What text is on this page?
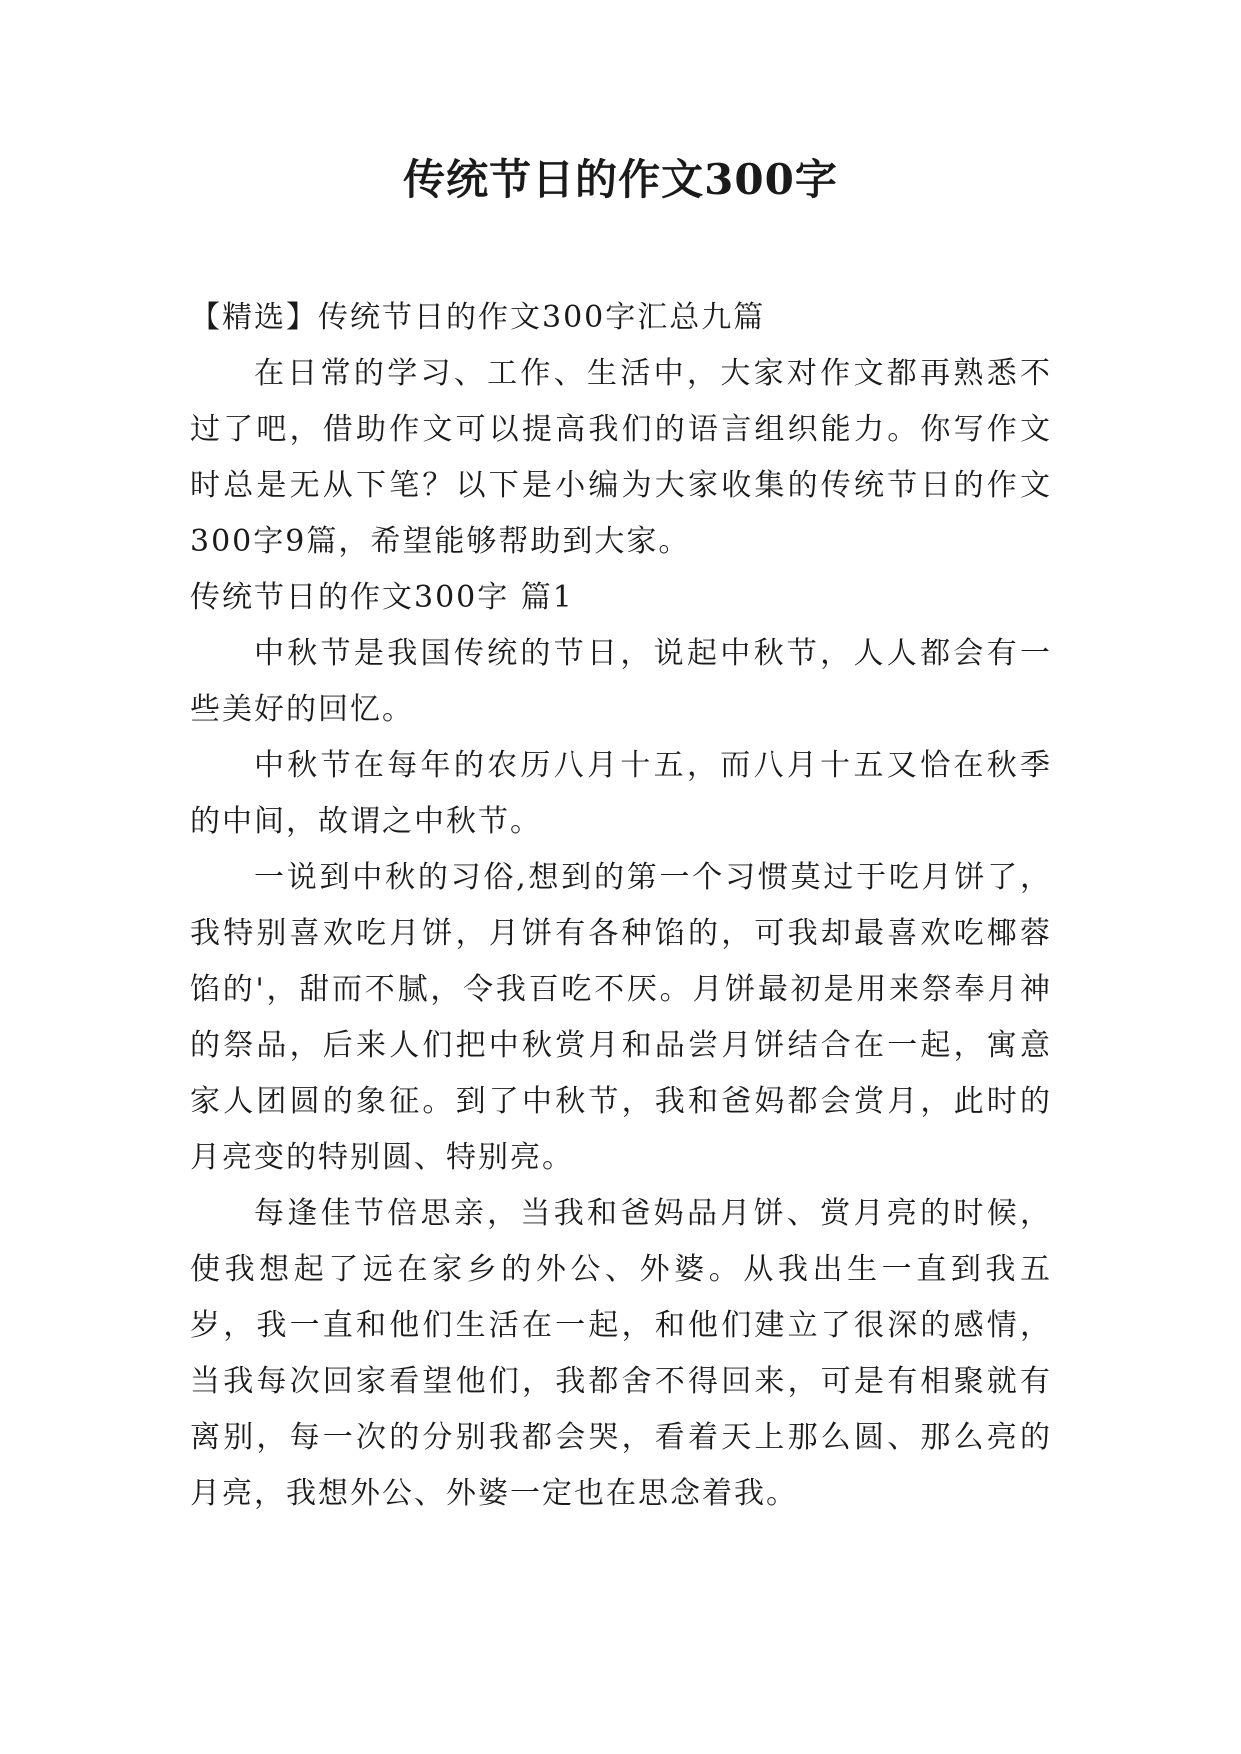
传统节日的作文300字

【精选】传统节日的作文300字汇总九篇

在日常的学习、工作、生活中，大家对作文都再熟悉不过了吧，借助作文可以提高我们的语言组织能力。你写作文时总是无从下笔？以下是小编为大家收集的传统节日的作文300字9篇，希望能够帮助到大家。

传统节日的作文300字 篇1

中秋节是我国传统的节日，说起中秋节，人人都会有一些美好的回忆。

中秋节在每年的农历八月十五，而八月十五又恰在秋季的中间，故谓之中秋节。

一说到中秋的习俗,想到的第一个习惯莫过于吃月饼了，我特别喜欢吃月饼，月饼有各种馅的，可我却最喜欢吃椰蓉馅的'，甜而不腻，令我百吃不厌。月饼最初是用来祭奉月神的祭品，后来人们把中秋赏月和品尝月饼结合在一起，寓意家人团圆的象征。到了中秋节，我和爸妈都会赏月，此时的月亮变的特别圆、特别亮。

每逢佳节倍思亲，当我和爸妈品月饼、赏月亮的时候，使我想起了远在家乡的外公、外婆。从我出生一直到我五岁，我一直和他们生活在一起，和他们建立了很深的感情，当我每次回家看望他们，我都舍不得回来，可是有相聚就有离别，每一次的分别我都会哭，看着天上那么圆、那么亮的月亮，我想外公、外婆一定也在思念着我。
